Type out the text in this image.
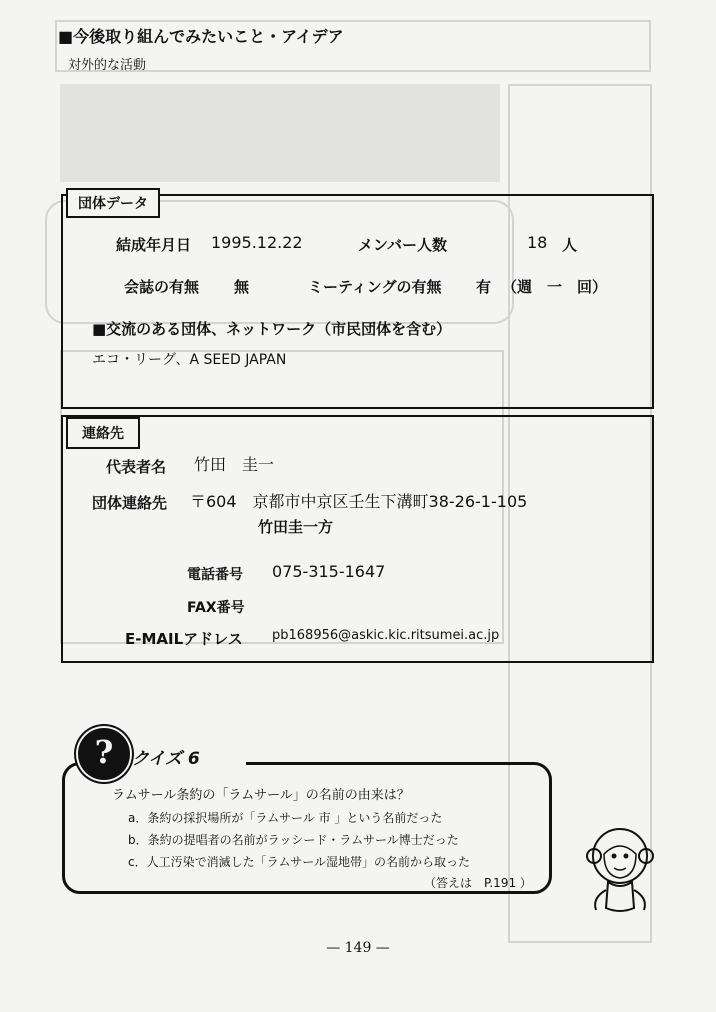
■今後取り組んでみたいこと・アイデア
対外的な活動
団体データ
結成年月日 1995.12.22	メンバー人数	18 人
会誌の有無 無	ミーティングの有無 有 （週　一　回）
■交流のある団体、ネットワーク（市民団体を含む）
エコ・リーグ、A SEED JAPAN
連絡先
代表者名 竹田　圭一
団体連絡先 〒604　京都市中京区壬生下溝町38-26-1-105
竹田圭一方
電話番号 075-315-1647
FAX番号
E-MAILアドレス pb168956@askic.kic.ritsumei.ac.jp
?	クイズ 6
ラムサール条約の「ラムサール」の名前の由来は？
a．条約の採択場所が「ラムサール 市 」という名前だった
b．条約の提唱者の名前がラッシード・ラムサール博士だった
c．人工汚染で消滅した「ラムサール湿地帯」の名前から取った
（答えは　P.191 ）
— 149 —
